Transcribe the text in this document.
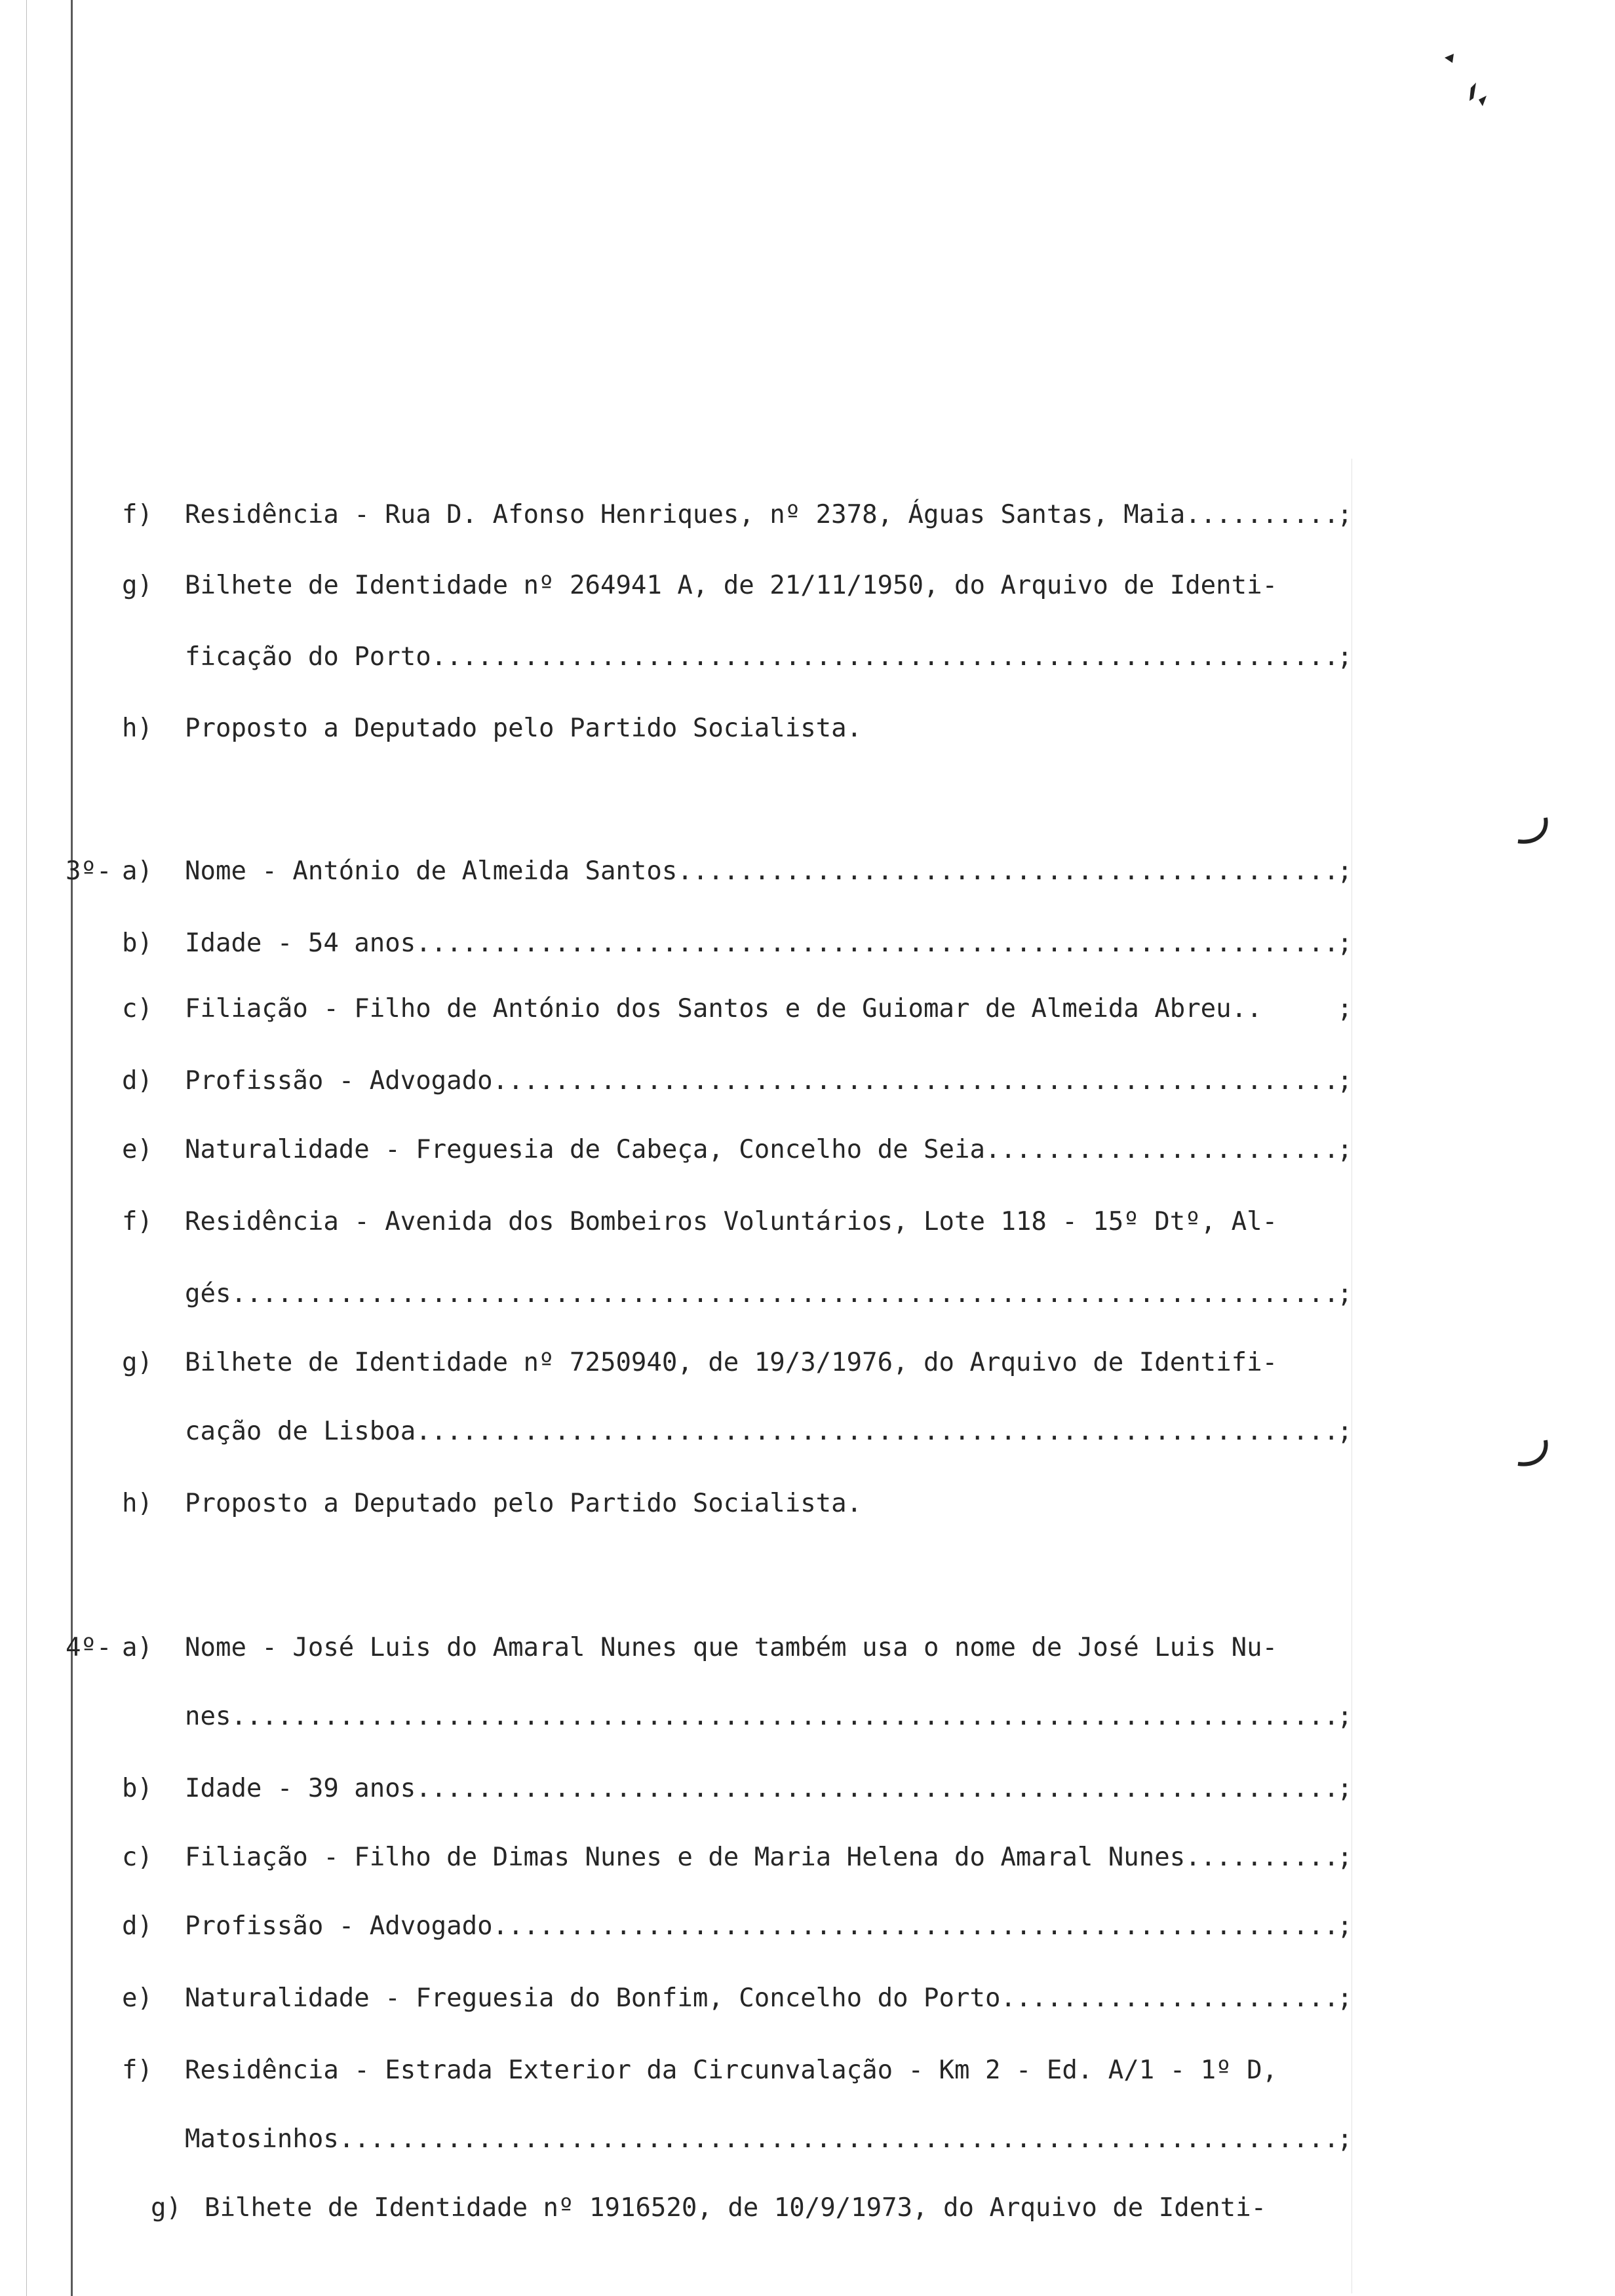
f)	Residência - Rua D. Afonso Henriques, nº 2378, Águas Santas, Maia .....	;
g)	Bilhete de Identidade nº 264941 A, de 21/11/1950, do Arquivo de Identi-
ficação do Porto .....	;
h)	Proposto a Deputado pelo Partido Socialista.
3º- a)	Nome - António de Almeida Santos .....	;
b)	Idade - 54 anos .....	;
c)	Filiação - Filho de António dos Santos e de Guiomar de Almeida Abreu..	;
d)	Profissão - Advogado .....	;
e)	Naturalidade - Freguesia de Cabeça, Concelho de Seia .....	;
f)	Residência - Avenida dos Bombeiros Voluntários, Lote 118 - 15º Dtº, Al-
gés .....	;
g)	Bilhete de Identidade nº 7250940, de 19/3/1976, do Arquivo de Identifi-
cação de Lisboa .....	;
h)	Proposto a Deputado pelo Partido Socialista.
4º- a)	Nome - José Luis do Amaral Nunes que também usa o nome de José Luis Nu-
nes .....	;
b)	Idade - 39 anos .....	;
c)	Filiação - Filho de Dimas Nunes e de Maria Helena do Amaral Nunes .....	;
d)	Profissão - Advogado .....	;
e)	Naturalidade - Freguesia do Bonfim, Concelho do Porto .....	;
f)	Residência - Estrada Exterior da Circunvalação - Km 2 - Ed. A/1 - 1º D,
Matosinhos .....	;
g) Bilhete de Identidade nº 1916520, de 10/9/1973, do Arquivo de Identi-
